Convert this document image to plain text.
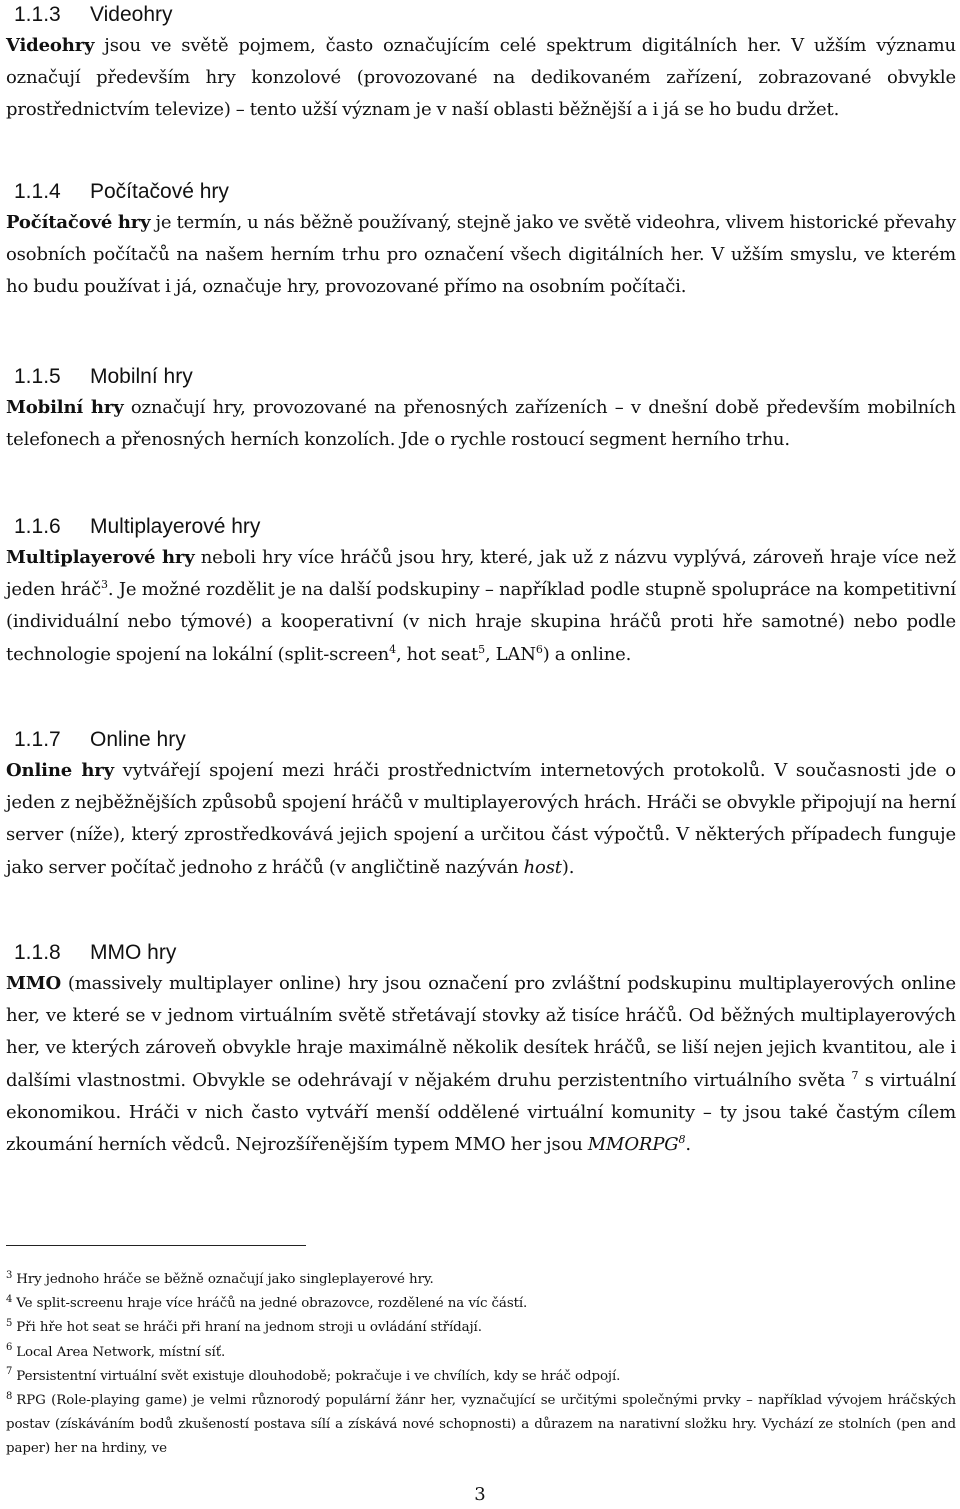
1.1.3 Videohry

Videohry jsou ve světě pojmem, často označujícím celé spektrum digitálních her. V užším významu označují především hry konzolové (provozované na dedikovaném zařízení, zobrazované obvykle prostřednictvím televize) – tento užší význam je v naší oblasti běžnější a i já se ho budu držet.

1.1.4 Počítačové hry

Počítačové hry je termín, u nás běžně používaný, stejně jako ve světě videohra, vlivem historické převahy osobních počítačů na našem herním trhu pro označení všech digitálních her. V užším smyslu, ve kterém ho budu používat i já, označuje hry, provozované přímo na osobním počítači.

1.1.5 Mobilní hry

Mobilní hry označují hry, provozované na přenosných zařízeních – v dnešní době především mobilních telefonech a přenosných herních konzolích. Jde o rychle rostoucí segment herního trhu.

1.1.6 Multiplayerové hry

Multiplayerové hry neboli hry více hráčů jsou hry, které, jak už z názvu vyplývá, zároveň hraje více než jeden hráč$^3$. Je možné rozdělit je na další podskupiny – například podle stupně spolupráce na kompetitivní (individuální nebo týmové) a kooperativní (v nich hraje skupina hráčů proti hře samotné) nebo podle technologie spojení na lokální (split-screen$^4$, hot seat$^5$, LAN$^6$) a online.

1.1.7 Online hry

Online hry vytvářejí spojení mezi hráči prostřednictvím internetových protokolů. V současnosti jde o jeden z nejběžnějších způsobů spojení hráčů v multiplayerových hrách. Hráči se obvykle připojují na herní server (níže), který zprostředkovává jejich spojení a určitou část výpočtů. V některých případech funguje jako server počítač jednoho z hráčů (v angličtině nazýván host).

1.1.8 MMO hry

MMO (massively multiplayer online) hry jsou označení pro zvláštní podskupinu multiplayerových online her, ve které se v jednom virtuálním světě střetávají stovky až tisíce hráčů. Od běžných multiplayerových her, ve kterých zároveň obvykle hraje maximálně několik desítek hráčů, se liší nejen jejich kvantitou, ale i dalšími vlastnostmi. Obvykle se odehrávají v nějakém druhu perzistentního virtuálního světa $^7$ s virtuální ekonomikou. Hráči v nich často vytváří menší oddělené virtuální komunity – ty jsou také častým cílem zkoumání herních vědců. Nejrozšířenějším typem MMO her jsou MMORPG$^8$.

$^3$ Hry jednoho hráče se běžně označují jako singleplayerové hry.

$^4$ Ve split-screenu hraje více hráčů na jedné obrazovce, rozdělené na víc částí.

$^5$ Při hře hot seat se hráči při hraní na jednom stroji u ovládání střídají.

$^6$ Local Area Network, místní síť.

$^7$ Persistentní virtuální svět existuje dlouhodobě; pokračuje i ve chvílích, kdy se hráč odpojí.

$^8$ RPG (Role-playing game) je velmi různorodý populární žánr her, vyznačující se určitými společnými prvky – například vývojem hráčských postav (získáváním bodů zkušeností postava sílí a získává nové schopnosti) a důrazem na narativní složku hry. Vychází ze stolních (pen and paper) her na hrdiny, ve

3
